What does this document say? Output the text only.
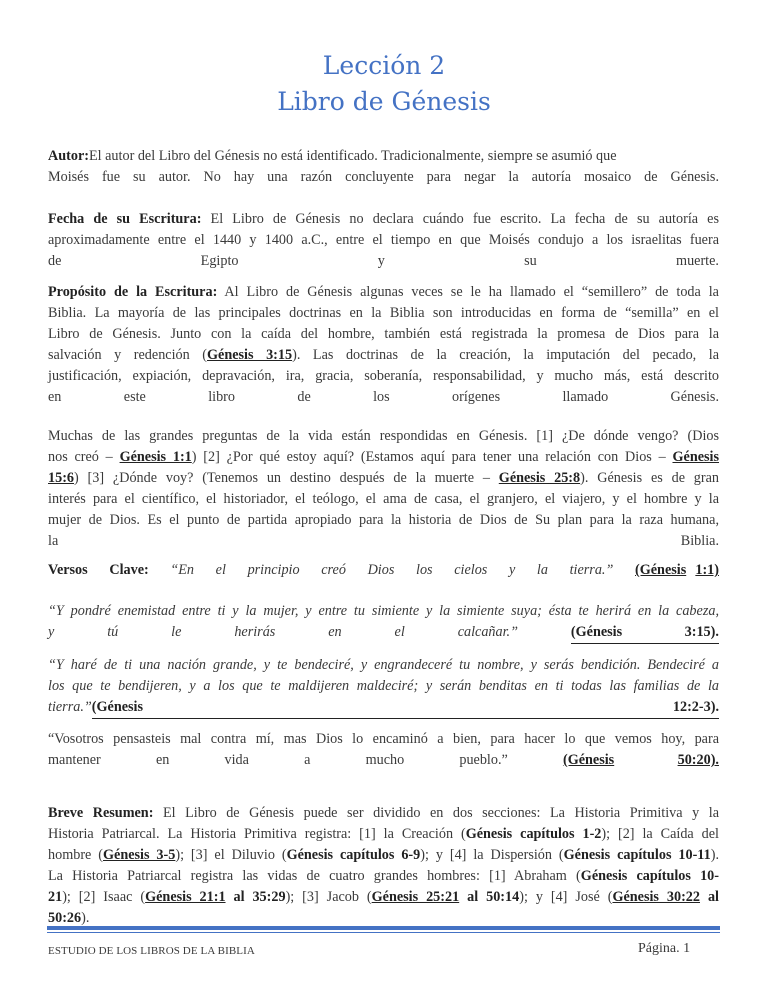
Lección 2
Libro de Génesis
Autor:El autor del Libro del Génesis no está identificado. Tradicionalmente, siempre se asumió que
Moisés fue su autor. No hay una razón concluyente para negar la autoría mosaico de Génesis.
Fecha de su Escritura: El Libro de Génesis no declara cuándo fue escrito. La fecha de su autoría es
aproximadamente entre el 1440 y 1400 a.C., entre el tiempo en que Moisés condujo a los israelitas fuera
de	Egipto	y	su	muerte.
Propósito de la Escritura: Al Libro de Génesis algunas veces se le ha llamado el “semillero” de toda la
Biblia. La mayoría de las principales doctrinas en la Biblia son introducidas en forma de “semilla” en el
Libro de Génesis. Junto con la caída del hombre, también está registrada la promesa de Dios para la
salvación y redención (Génesis 3:15). Las doctrinas de la creación, la imputación del pecado, la
justificación, expiación, depravación, ira, gracia, soberanía, responsabilidad, y mucho más, está descrito
en	este	libro	de	los	orígenes	llamado	Génesis.
Muchas de las grandes preguntas de la vida están respondidas en Génesis. [1] ¿De dónde vengo? (Dios
nos creó – Génesis 1:1) [2] ¿Por qué estoy aquí? (Estamos aquí para tener una relación con Dios – Génesis
15:6) [3] ¿Dónde voy? (Tenemos un destino después de la muerte – Génesis 25:8). Génesis es de gran
interés para el científico, el historiador, el teólogo, el ama de casa, el granjero, el viajero, y el hombre y la
mujer de Dios. Es el punto de partida apropiado para la historia de Dios de Su plan para la raza humana,
la	Biblia.
Versos Clave: “En el principio creó Dios los cielos y la tierra.” (Génesis 1:1)
“Y pondré enemistad entre ti y la mujer, y entre tu simiente y la simiente suya; ésta te herirá en la cabeza,
y	tú	le	herirás	en	el	calcañar.”	(Génesis	3:15).
“Y haré de ti una nación grande, y te bendeciré, y engrandeceré tu nombre, y serás bendición. Bendeciré a
los que te bendijeren, y a los que te maldijeren maldeciré; y serán benditas en ti todas las familias de la
tierra.” (Génesis	12:2-3).
“Vosotros pensasteis mal contra mí, mas Dios lo encaminó a bien, para hacer lo que vemos hoy, para
mantener	en	vida	a	mucho	pueblo.”	(Génesis	50:20).
Breve Resumen: El Libro de Génesis puede ser dividido en dos secciones: La Historia Primitiva y la
Historia Patriarcal. La Historia Primitiva registra: [1] la Creación (Génesis capítulos 1-2); [2] la Caída del
hombre (Génesis 3-5); [3] el Diluvio (Génesis capítulos 6-9); y [4] la Dispersión (Génesis capítulos 10-11).
La Historia Patriarcal registra las vidas de cuatro grandes hombres: [1] Abraham (Génesis capítulos 10-
21); [2] Isaac (Génesis 21:1 al 35:29); [3] Jacob (Génesis 25:21 al 50:14); y [4] José (Génesis 30:22 al
50:26).
ESTUDIO DE LOS LIBROS DE LA BIBLIA	Página. 1
